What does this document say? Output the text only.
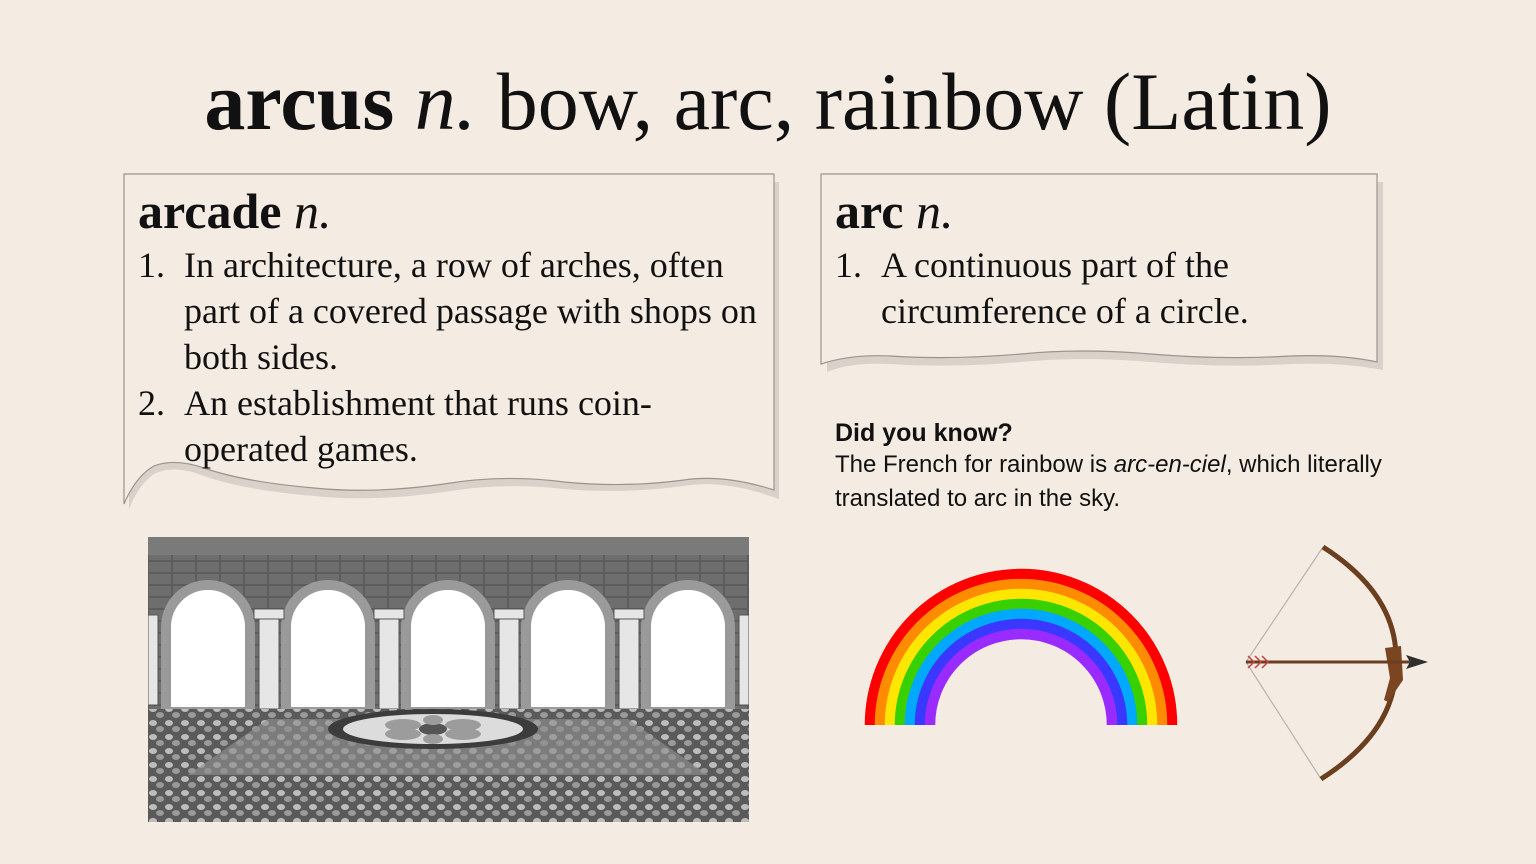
arcus n. bow, arc, rainbow (Latin)
arcade n.
1. In architecture, a row of arches, often part of a covered passage with shops on both sides.
2. An establishment that runs coin-operated games.
arc n.
1. A continuous part of the circumference of a circle.
Did you know?
The French for rainbow is arc-en-ciel, which literally translated to arc in the sky.
